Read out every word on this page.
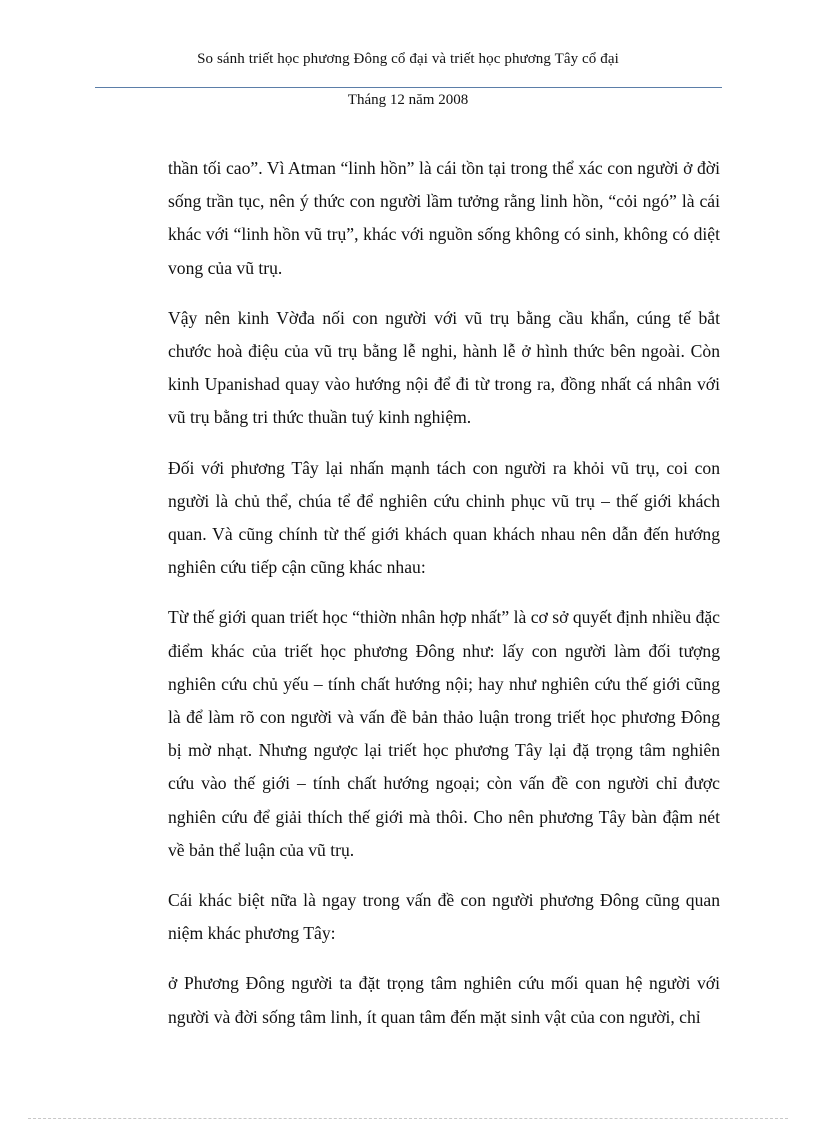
So sánh triết học phương Đông cổ đại và triết học phương Tây cổ đại
Tháng 12 năm 2008

thần tối cao”. Vì Atman “linh hồn” là cái tồn tại trong thể xác con người ở đời sống trần tục, nên ý thức con người lầm tưởng rằng linh hồn, “cỏi ngó” là cái khác với “linh hồn vũ trụ”, khác với nguồn sống không có sinh, không có diệt vong của vũ trụ.

Vậy nên kinh Vờđa nối con người với vũ trụ bằng cầu khẩn, cúng tế bắt chước hoà điệu của vũ trụ bằng lễ nghi, hành lễ ở hình thức bên ngoài. Còn kinh Upanishad quay vào hướng nội để đi từ trong ra, đồng nhất cá nhân với vũ trụ bằng tri thức thuần tuý kinh nghiệm.

Đối với phương Tây lại nhấn mạnh tách con người ra khỏi vũ trụ, coi con người là chủ thể, chúa tể để nghiên cứu chinh phục vũ trụ – thế giới khách quan. Và cũng chính từ thế giới khách quan khách nhau nên dẫn đến hướng nghiên cứu tiếp cận cũng khác nhau:

Từ thế giới quan triết học “thiờn nhân hợp nhất” là cơ sở quyết định nhiều đặc điểm khác của triết học phương Đông như: lấy con người làm đối tượng nghiên cứu chủ yếu – tính chất hướng nội; hay như nghiên cứu thế giới cũng là để làm rõ con người và vấn đề bản thảo luận trong triết học phương Đông bị mờ nhạt. Nhưng ngược lại triết học phương Tây lại đặ trọng tâm nghiên cứu vào thế giới – tính chất hướng ngoại; còn vấn đề con người chỉ được nghiên cứu để giải thích thế giới mà thôi. Cho nên phương Tây bàn đậm nét về bản thể luận của vũ trụ.

Cái khác biệt nữa là ngay trong vấn đề con người phương Đông cũng quan niệm khác phương Tây:

ở Phương Đông người ta đặt trọng tâm nghiên cứu mối quan hệ người với người và đời sống tâm linh, ít quan tâm đến mặt sinh vật của con người, chỉ
